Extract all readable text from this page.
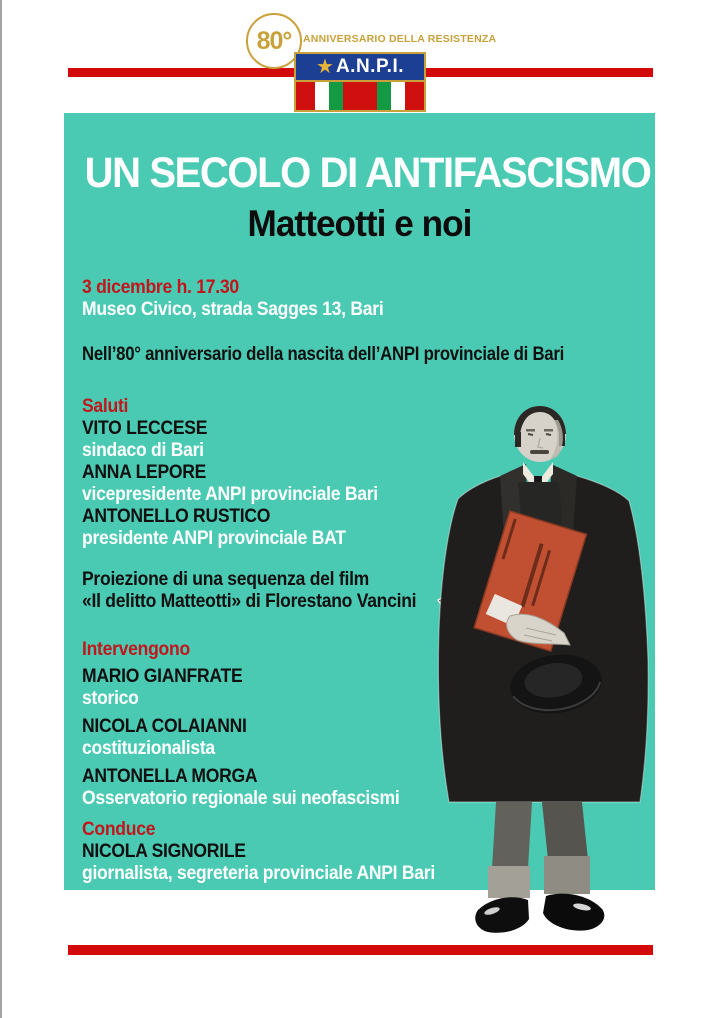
80° ANNIVERSARIO DELLA RESISTENZA
★ A.N.P.I.
UN SECOLO DI ANTIFASCISMO
Matteotti e noi

3 dicembre h. 17.30

Museo Civico, strada Sagges 13, Bari

Nell’80° anniversario della nascita dell’ANPI provinciale di Bari

Saluti

VITO LECCESE

sindaco di Bari

ANNA LEPORE

vicepresidente ANPI provinciale Bari

ANTONELLO RUSTICO

presidente ANPI provinciale BAT

Proiezione di una sequenza del film

«Il delitto Matteotti» di Florestano Vancini

Intervengono

MARIO GIANFRATE

storico

NICOLA COLAIANNI

costituzionalista

ANTONELLA MORGA

Osservatorio regionale sui neofascismi

Conduce

NICOLA SIGNORILE

giornalista, segreteria provinciale ANPI Bari
